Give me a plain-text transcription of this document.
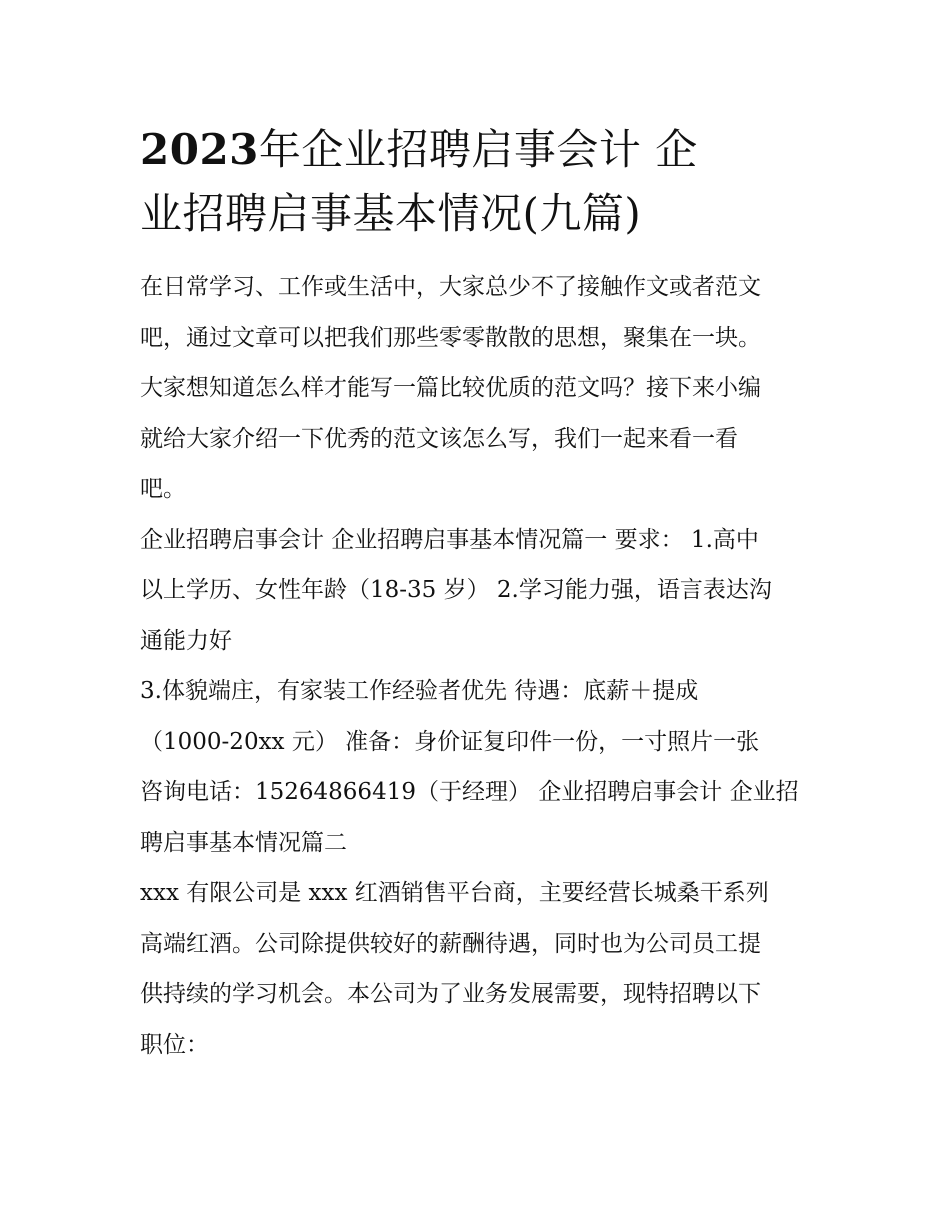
2023年企业招聘启事会计 企
业招聘启事基本情况(九篇)

在日常学习、工作或生活中，大家总少不了接触作文或者范文
吧，通过文章可以把我们那些零零散散的思想，聚集在一块。
大家想知道怎么样才能写一篇比较优质的范文吗？接下来小编
就给大家介绍一下优秀的范文该怎么写，我们一起来看一看
吧。

企业招聘启事会计 企业招聘启事基本情况篇一 要求： 1.高中
以上学历、女性年龄（18-35 岁） 2.学习能力强，语言表达沟
通能力好

3.体貌端庄，有家装工作经验者优先 待遇：底薪＋提成
（1000-20xx 元） 准备：身价证复印件一份，一寸照片一张
咨询电话：15264866419（于经理） 企业招聘启事会计 企业招
聘启事基本情况篇二

xxx 有限公司是 xxx 红酒销售平台商，主要经营长城桑干系列
高端红酒。公司除提供较好的薪酬待遇，同时也为公司员工提
供持续的学习机会。本公司为了业务发展需要，现特招聘以下
职位：
